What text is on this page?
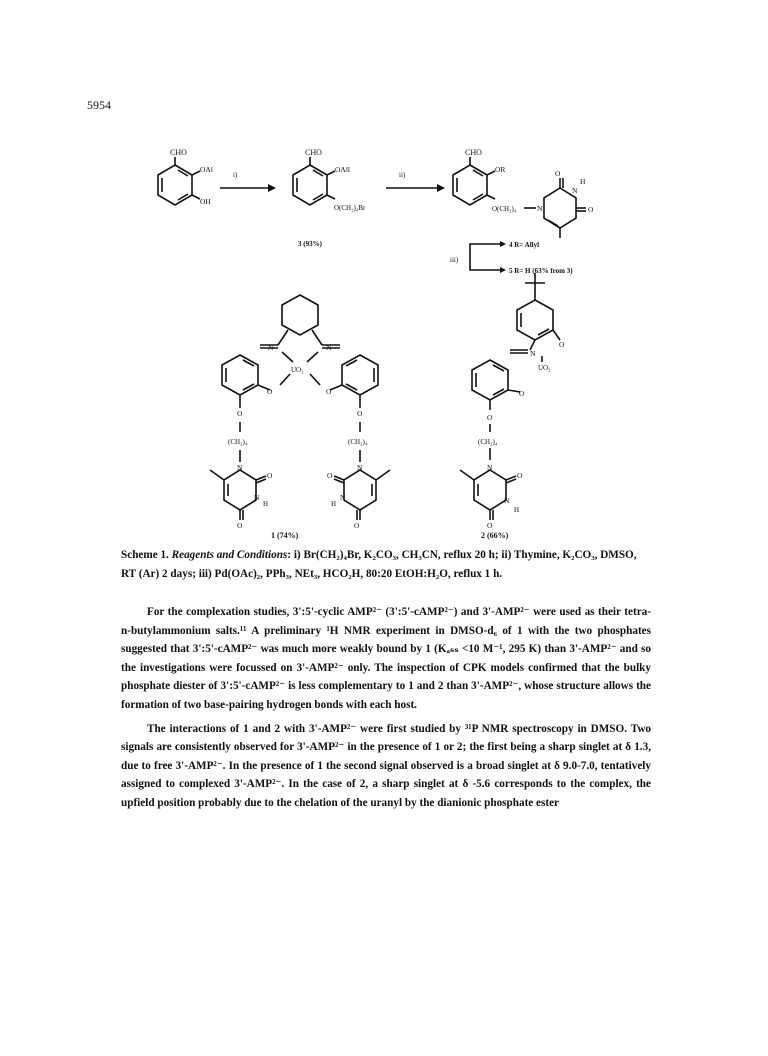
5954
CHO
OAl
OH
i)
CHO
OAll
O(CH₂)₄Br
3 (93%)
ii)
CHO
OR
O(CH₂)₄	N
N
H
O
O
iii)
4 R= Allyl
5 R= H (63% from 3)
N	N
UO₂
O	O
O	O
(CH₂)₄	(CH₂)₄
N	N
O	O
N	N
H	H
O	O
N
UO₂
O
O
O
(CH₂)₄
N
O
N
H
O
1 (74%)	2 (66%)
Scheme 1. Reagents and Conditions: i) Br(CH₂)₄Br, K₂CO₃, CH₃CN, reflux 20 h; ii) Thymine, K₂CO₃, DMSO, RT (Ar) 2 days; iii) Pd(OAc)₂, PPh₃, NEt₃, HCO₂H, 80:20 EtOH:H₂O, reflux 1 h.

For the complexation studies, 3':5'-cyclic AMP²⁻ (3':5'-cAMP²⁻) and 3'-AMP²⁻ were used as their tetra-n-butylammonium salts.¹¹ A preliminary ¹H NMR experiment in DMSO-d₆ of 1 with the two phosphates suggested that 3':5'-cAMP²⁻ was much more weakly bound by 1 (Kₐₛₛ <10 M⁻¹, 295 K) than 3'-AMP²⁻ and so the investigations were focussed on 3'-AMP²⁻ only. The inspection of CPK models confirmed that the bulky phosphate diester of 3':5'-cAMP²⁻ is less complementary to 1 and 2 than 3'-AMP²⁻, whose structure allows the formation of two base-pairing hydrogen bonds with each host.

The interactions of 1 and 2 with 3'-AMP²⁻ were first studied by ³¹P NMR spectroscopy in DMSO. Two signals are consistently observed for 3'-AMP²⁻ in the presence of 1 or 2; the first being a sharp singlet at δ 1.3, due to free 3'-AMP²⁻. In the presence of 1 the second signal observed is a broad singlet at δ 9.0-7.0, tentatively assigned to complexed 3'-AMP²⁻. In the case of 2, a sharp singlet at δ -5.6 corresponds to the complex, the upfield position probably due to the chelation of the uranyl by the dianionic phosphate ester
